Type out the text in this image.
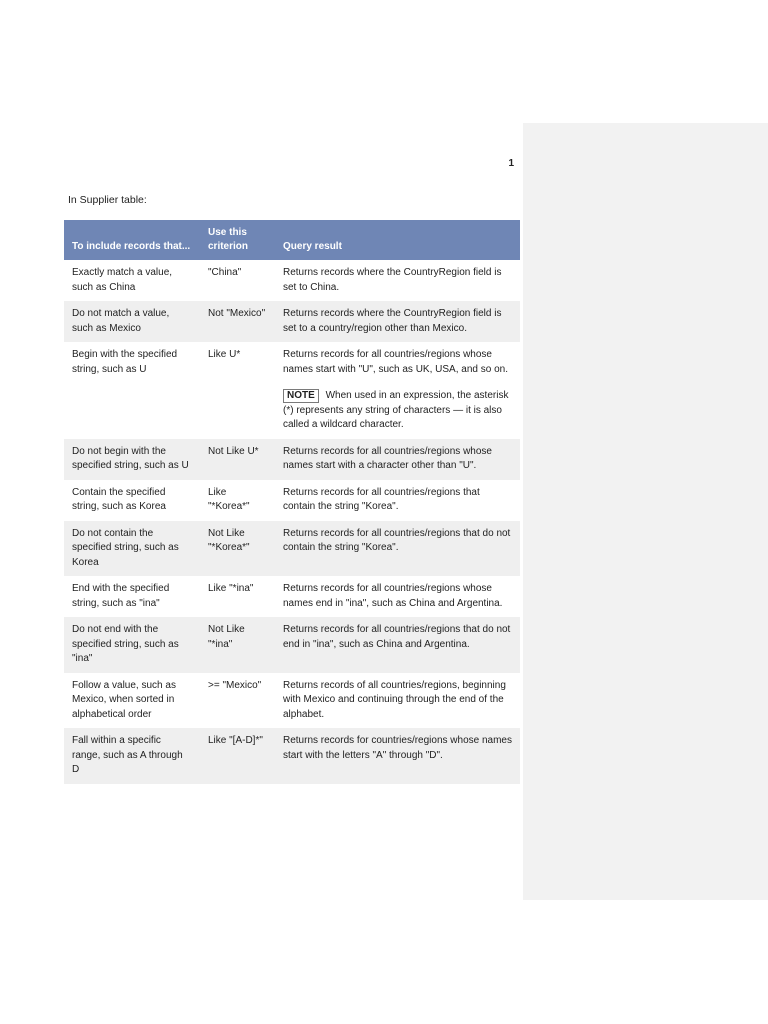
1
In Supplier table:
To include records that...	Use this criterion	Query result
Exactly match a value, such as China	"China"	Returns records where the CountryRegion field is set to China.
Do not match a value, such as Mexico	Not "Mexico"	Returns records where the CountryRegion field is set to a country/region other than Mexico.
Begin with the specified string, such as U	Like U*	Returns records for all countries/regions whose names start with "U", such as UK, USA, and so on.
NOTE When used in an expression, the asterisk (*) represents any string of characters — it is also called a wildcard character.

Do not begin with the specified string, such as U	Not Like U*	Returns records for all countries/regions whose names start with a character other than "U".
Contain the specified string, such as Korea	Like "*Korea*"	Returns records for all countries/regions that contain the string "Korea".
Do not contain the specified string, such as Korea	Not Like "*Korea*"	Returns records for all countries/regions that do not contain the string "Korea".
End with the specified string, such as "ina"	Like "*ina"	Returns records for all countries/regions whose names end in "ina", such as China and Argentina.
Do not end with the specified string, such as "ina"	Not Like "*ina"	Returns records for all countries/regions that do not end in "ina", such as China and Argentina.
Follow a value, such as Mexico, when sorted in alphabetical order	>= "Mexico"	Returns records of all countries/regions, beginning with Mexico and continuing through the end of the alphabet.
Fall within a specific range, such as A through D	Like "[A-D]*"	Returns records for countries/regions whose names start with the letters "A" through "D".
